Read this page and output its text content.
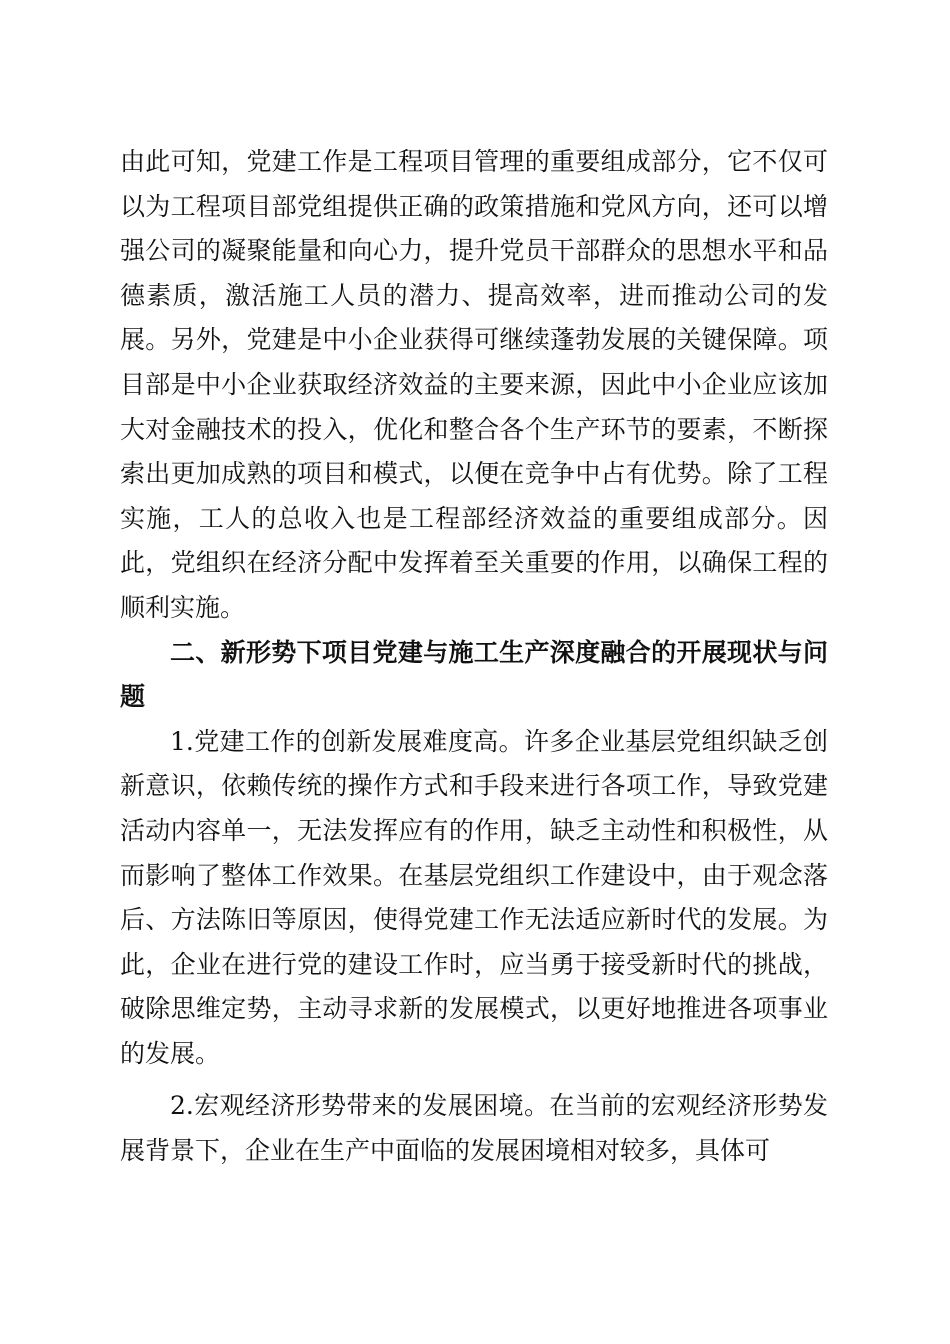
由此可知，党建工作是工程项目管理的重要组成部分，它不仅可以为工程项目部党组提供正确的政策措施和党风方向，还可以增强公司的凝聚能量和向心力，提升党员干部群众的思想水平和品德素质，激活施工人员的潜力、提高效率，进而推动公司的发展。另外，党建是中小企业获得可继续蓬勃发展的关键保障。项目部是中小企业获取经济效益的主要来源，因此中小企业应该加大对金融技术的投入，优化和整合各个生产环节的要素，不断探索出更加成熟的项目和模式，以便在竞争中占有优势。除了工程实施，工人的总收入也是工程部经济效益的重要组成部分。因此，党组织在经济分配中发挥着至关重要的作用，以确保工程的顺利实施。

二、新形势下项目党建与施工生产深度融合的开展现状与问题

1.党建工作的创新发展难度高。许多企业基层党组织缺乏创新意识，依赖传统的操作方式和手段来进行各项工作，导致党建活动内容单一，无法发挥应有的作用，缺乏主动性和积极性，从而影响了整体工作效果。在基层党组织工作建设中，由于观念落后、方法陈旧等原因，使得党建工作无法适应新时代的发展。为此，企业在进行党的建设工作时，应当勇于接受新时代的挑战，破除思维定势，主动寻求新的发展模式，以更好地推进各项事业的发展。

2.宏观经济形势带来的发展困境。在当前的宏观经济形势发展背景下，企业在生产中面临的发展困境相对较多，具体可
